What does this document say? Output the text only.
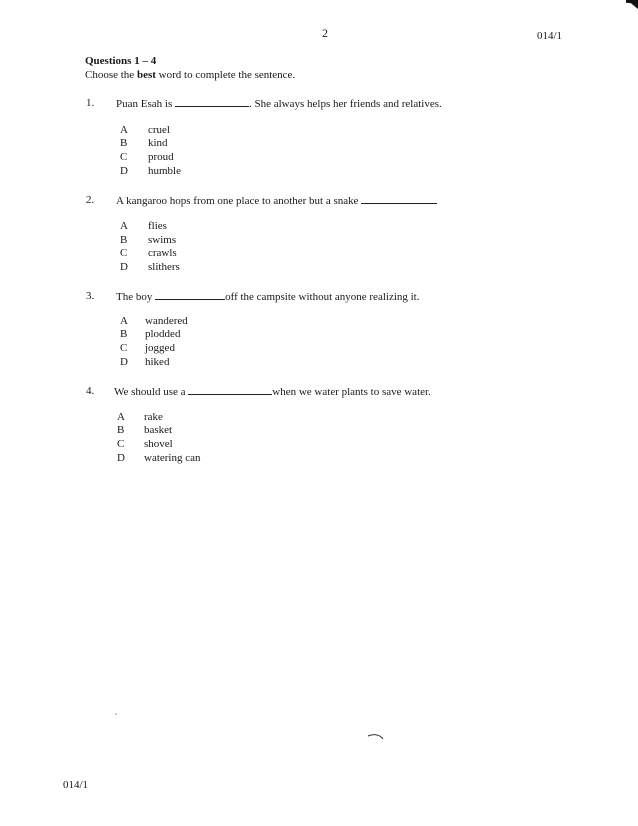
2	014/1
Questions 1 – 4
Choose the best word to complete the sentence.
1. Puan Esah is	. She always helps her friends and relatives.
A cruel
B kind
C proud
D humble
2. A kangaroo hops from one place to another but a snake
A flies
B swims
C crawls
D slithers
3. The boy	off the campsite without anyone realizing it.
A wandered
B plodded
C jogged
D hiked
4. We should use a	when we water plants to save water.
A rake
B basket
C shovel
D watering can
014/1
